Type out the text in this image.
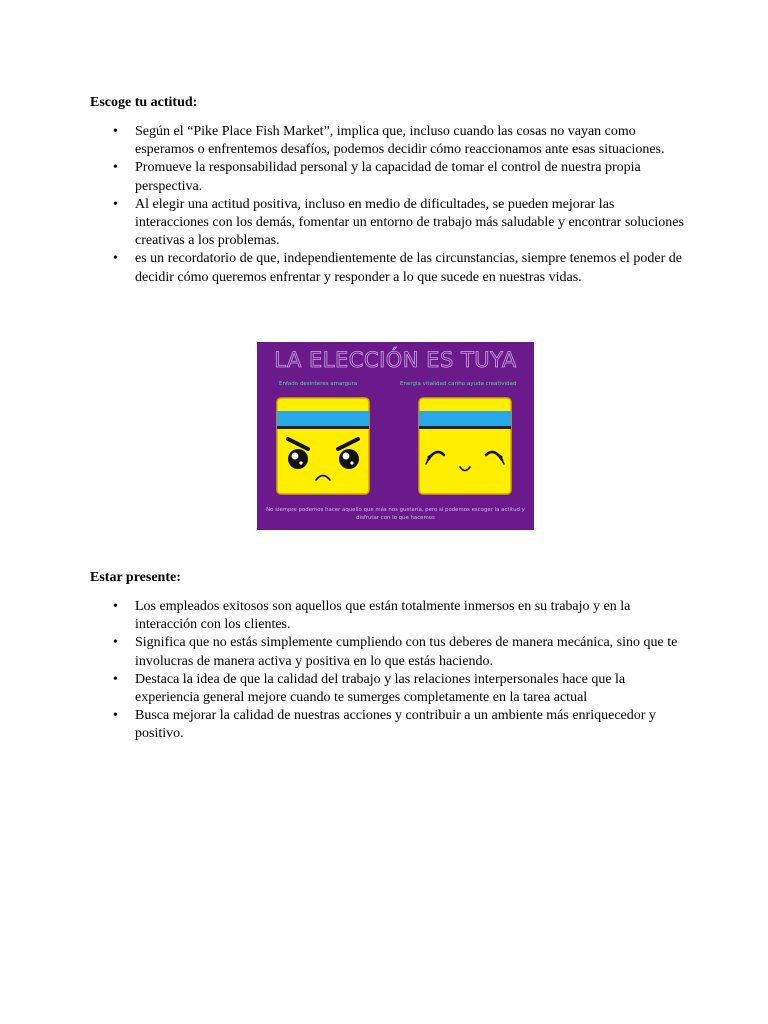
Escoge tu actitud:
• Según el “Pike Place Fish Market”, implica que, incluso cuando las cosas no vayan como esperamos o enfrentemos desafíos, podemos decidir cómo reaccionamos ante esas situaciones.
• Promueve la responsabilidad personal y la capacidad de tomar el control de nuestra propia perspectiva.
• Al elegir una actitud positiva, incluso en medio de dificultades, se pueden mejorar las interacciones con los demás, fomentar un entorno de trabajo más saludable y encontrar soluciones creativas a los problemas.
• es un recordatorio de que, independientemente de las circunstancias, siempre tenemos el poder de decidir cómo queremos enfrentar y responder a lo que sucede en nuestras vidas.
LA ELECCIÓN ES TUYA
Enfado desinteres amargura	Energia vitalidad cariño ayuda creatividad
No siempre podemos hacer aquello que más nos gustaría, pero sí podemos escoger la actitud y disfrutar con lo que hacemos
Estar presente:
• Los empleados exitosos son aquellos que están totalmente inmersos en su trabajo y en la interacción con los clientes.
• Significa que no estás simplemente cumpliendo con tus deberes de manera mecánica, sino que te involucras de manera activa y positiva en lo que estás haciendo.
• Destaca la idea de que la calidad del trabajo y las relaciones interpersonales hace que la experiencia general mejore cuando te sumerges completamente en la tarea actual
• Busca mejorar la calidad de nuestras acciones y contribuir a un ambiente más enriquecedor y positivo.
